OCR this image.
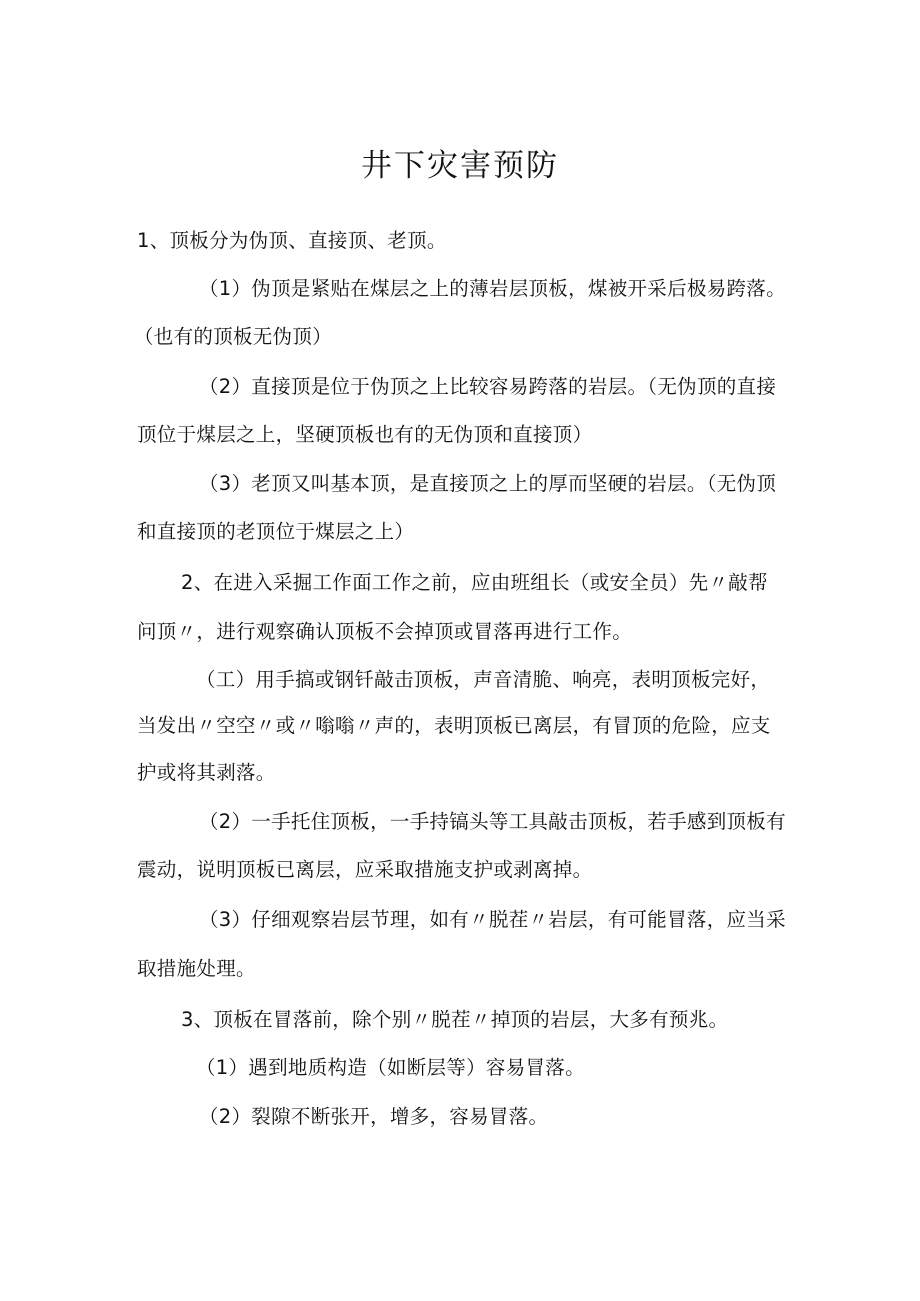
井下灾害预防
1、顶板分为伪顶、直接顶、老顶。
（1）伪顶是紧贴在煤层之上的薄岩层顶板，煤被开采后极易跨落。
（也有的顶板无伪顶）
（2）直接顶是位于伪顶之上比较容易跨落的岩层。（无伪顶的直接
顶位于煤层之上，坚硬顶板也有的无伪顶和直接顶）
（3）老顶又叫基本顶，是直接顶之上的厚而坚硬的岩层。（无伪顶
和直接顶的老顶位于煤层之上）
2、在进入采掘工作面工作之前，应由班组长（或安全员）先〃敲帮
问顶〃，进行观察确认顶板不会掉顶或冒落再进行工作。
（工）用手搞或钢钎敲击顶板，声音清脆、响亮，表明顶板完好，
当发出〃空空〃或〃嗡嗡〃声的，表明顶板已离层，有冒顶的危险，应支
护或将其剥落。
（2）一手托住顶板，一手持镐头等工具敲击顶板，若手感到顶板有
震动，说明顶板已离层，应采取措施支护或剥离掉。
（3）仔细观察岩层节理，如有〃脱茬〃岩层，有可能冒落，应当采
取措施处理。
3、顶板在冒落前，除个别〃脱茬〃掉顶的岩层，大多有预兆。
（1）遇到地质构造（如断层等）容易冒落。
（2）裂隙不断张开，增多，容易冒落。
